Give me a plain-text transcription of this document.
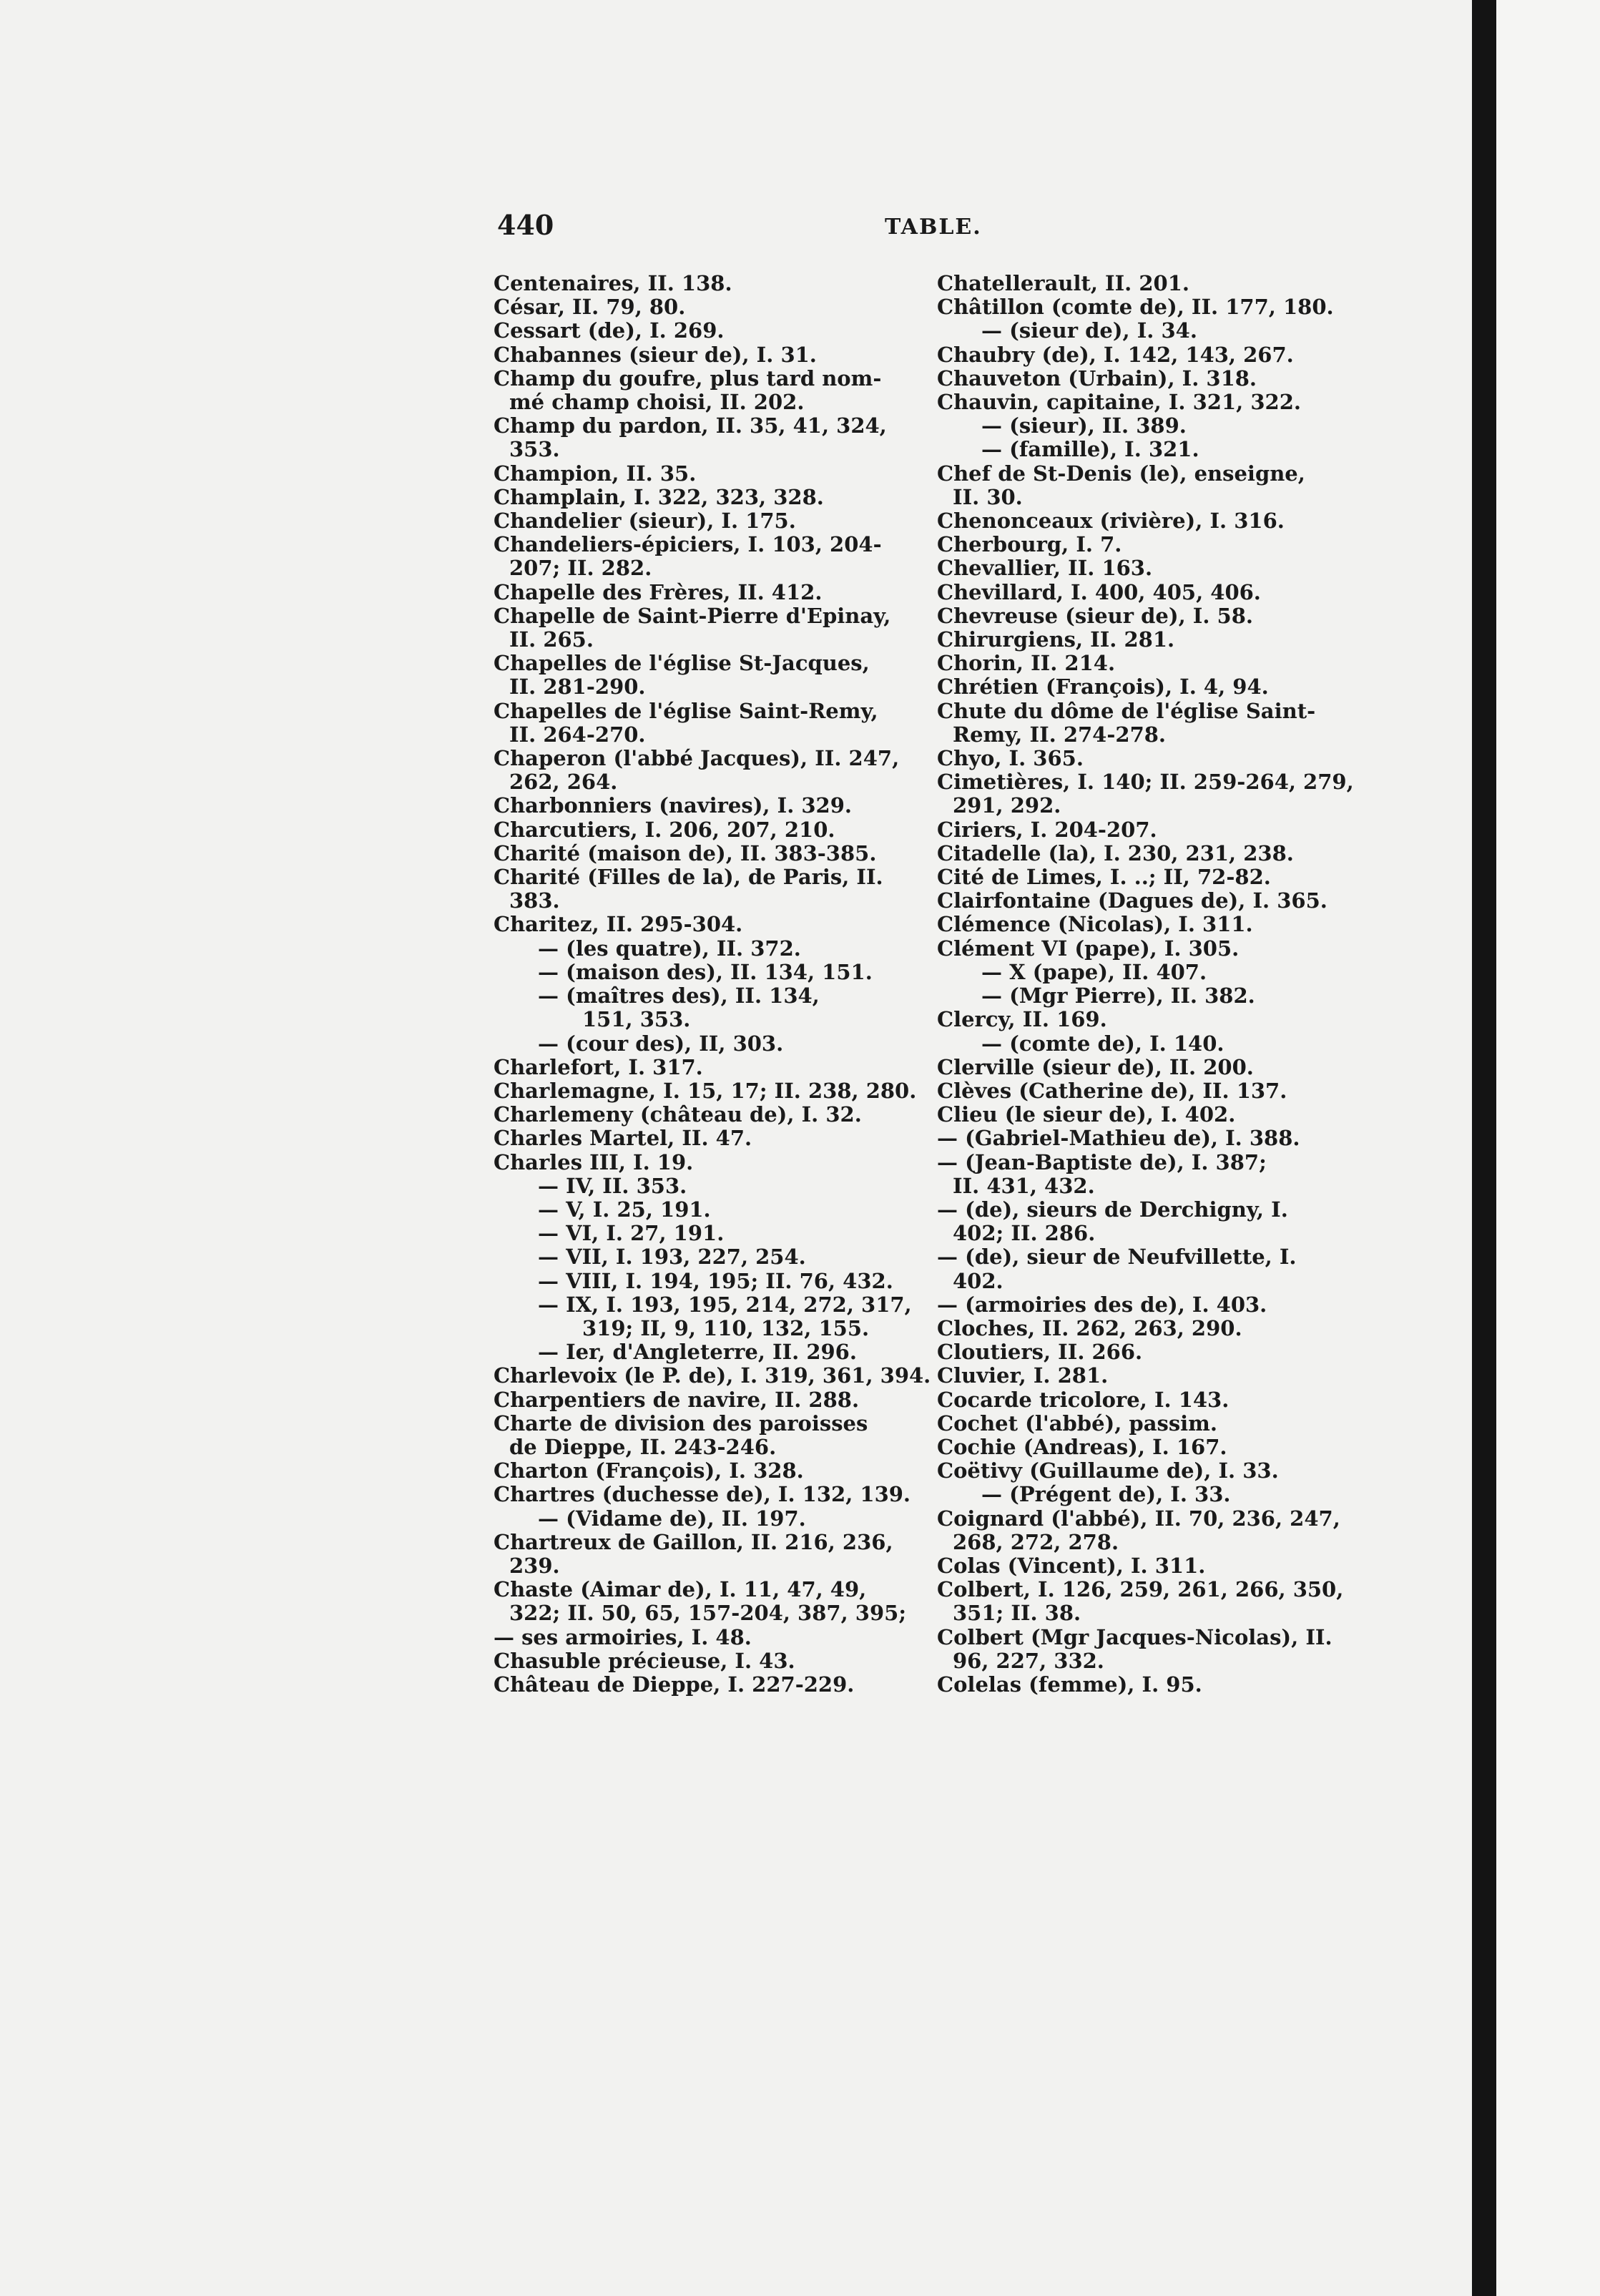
440	TABLE.
Centenaires, II. 138.
César, II. 79, 80.
Cessart (de), I. 269.
Chabannes (sieur de), I. 31.
Champ du goufre, plus tard nom-
mé champ choisi, II. 202.
Champ du pardon, II. 35, 41, 324,
353.
Champion, II. 35.
Champlain, I. 322, 323, 328.
Chandelier (sieur), I. 175.
Chandeliers-épiciers, I. 103, 204-
207; II. 282.
Chapelle des Frères, II. 412.
Chapelle de Saint-Pierre d'Epinay,
II. 265.
Chapelles de l'église St-Jacques,
II. 281-290.
Chapelles de l'église Saint-Remy,
II. 264-270.
Chaperon (l'abbé Jacques), II. 247,
262, 264.
Charbonniers (navires), I. 329.
Charcutiers, I. 206, 207, 210.
Charité (maison de), II. 383-385.
Charité (Filles de la), de Paris, II.
383.
Charitez, II. 295-304.
— (les quatre), II. 372.
— (maison des), II. 134, 151.
— (maîtres des), II. 134,
151, 353.
— (cour des), II, 303.
Charlefort, I. 317.
Charlemagne, I. 15, 17; II. 238, 280.
Charlemeny (château de), I. 32.
Charles Martel, II. 47.
Charles III, I. 19.
— IV, II. 353.
— V, I. 25, 191.
— VI, I. 27, 191.
— VII, I. 193, 227, 254.
— VIII, I. 194, 195; II. 76, 432.
— IX, I. 193, 195, 214, 272, 317,
319; II, 9, 110, 132, 155.
— Ier, d'Angleterre, II. 296.
Charlevoix (le P. de), I. 319, 361, 394.
Charpentiers de navire, II. 288.
Charte de division des paroisses
de Dieppe, II. 243-246.
Charton (François), I. 328.
Chartres (duchesse de), I. 132, 139.
— (Vidame de), II. 197.
Chartreux de Gaillon, II. 216, 236,
239.
Chaste (Aimar de), I. 11, 47, 49,
322; II. 50, 65, 157-204, 387, 395;
— ses armoiries, I. 48.
Chasuble précieuse, I. 43.
Château de Dieppe, I. 227-229.
Chatellerault, II. 201.
Châtillon (comte de), II. 177, 180.
— (sieur de), I. 34.
Chaubry (de), I. 142, 143, 267.
Chauveton (Urbain), I. 318.
Chauvin, capitaine, I. 321, 322.
— (sieur), II. 389.
— (famille), I. 321.
Chef de St-Denis (le), enseigne,
II. 30.
Chenonceaux (rivière), I. 316.
Cherbourg, I. 7.
Chevallier, II. 163.
Chevillard, I. 400, 405, 406.
Chevreuse (sieur de), I. 58.
Chirurgiens, II. 281.
Chorin, II. 214.
Chrétien (François), I. 4, 94.
Chute du dôme de l'église Saint-
Remy, II. 274-278.
Chyo, I. 365.
Cimetières, I. 140; II. 259-264, 279,
291, 292.
Ciriers, I. 204-207.
Citadelle (la), I. 230, 231, 238.
Cité de Limes, I. ..; II, 72-82.
Clairfontaine (Dagues de), I. 365.
Clémence (Nicolas), I. 311.
Clément VI (pape), I. 305.
— X (pape), II. 407.
— (Mgr Pierre), II. 382.
Clercy, II. 169.
— (comte de), I. 140.
Clerville (sieur de), II. 200.
Clèves (Catherine de), II. 137.
Clieu (le sieur de), I. 402.
— (Gabriel-Mathieu de), I. 388.
— (Jean-Baptiste de), I. 387;
II. 431, 432.
— (de), sieurs de Derchigny, I.
402; II. 286.
— (de), sieur de Neufvillette, I.
402.
— (armoiries des de), I. 403.
Cloches, II. 262, 263, 290.
Cloutiers, II. 266.
Cluvier, I. 281.
Cocarde tricolore, I. 143.
Cochet (l'abbé), passim.
Cochie (Andreas), I. 167.
Coëtivy (Guillaume de), I. 33.
— (Prégent de), I. 33.
Coignard (l'abbé), II. 70, 236, 247,
268, 272, 278.
Colas (Vincent), I. 311.
Colbert, I. 126, 259, 261, 266, 350,
351; II. 38.
Colbert (Mgr Jacques-Nicolas), II.
96, 227, 332.
Colelas (femme), I. 95.
